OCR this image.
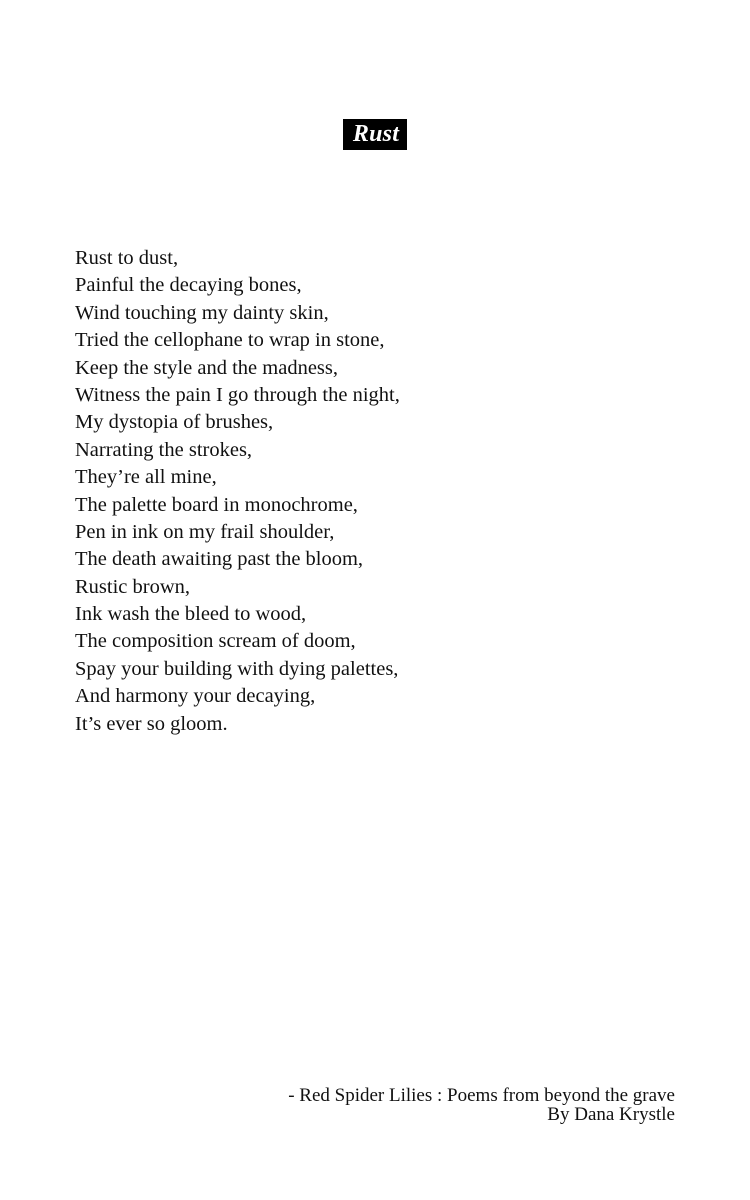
Rust
Rust to dust,
Painful the decaying bones,
Wind touching my dainty skin,
Tried the cellophane to wrap in stone,
Keep the style and the madness,
Witness the pain I go through the night,
My dystopia of brushes,
Narrating the strokes,
They’re all mine,
The palette board in monochrome,
Pen in ink on my frail shoulder,
The death awaiting past the bloom,
Rustic brown,
Ink wash the bleed to wood,
The composition scream of doom,
Spay your building with dying palettes,
And harmony your decaying,
It’s ever so gloom.
- Red Spider Lilies : Poems from beyond the grave
By Dana Krystle
